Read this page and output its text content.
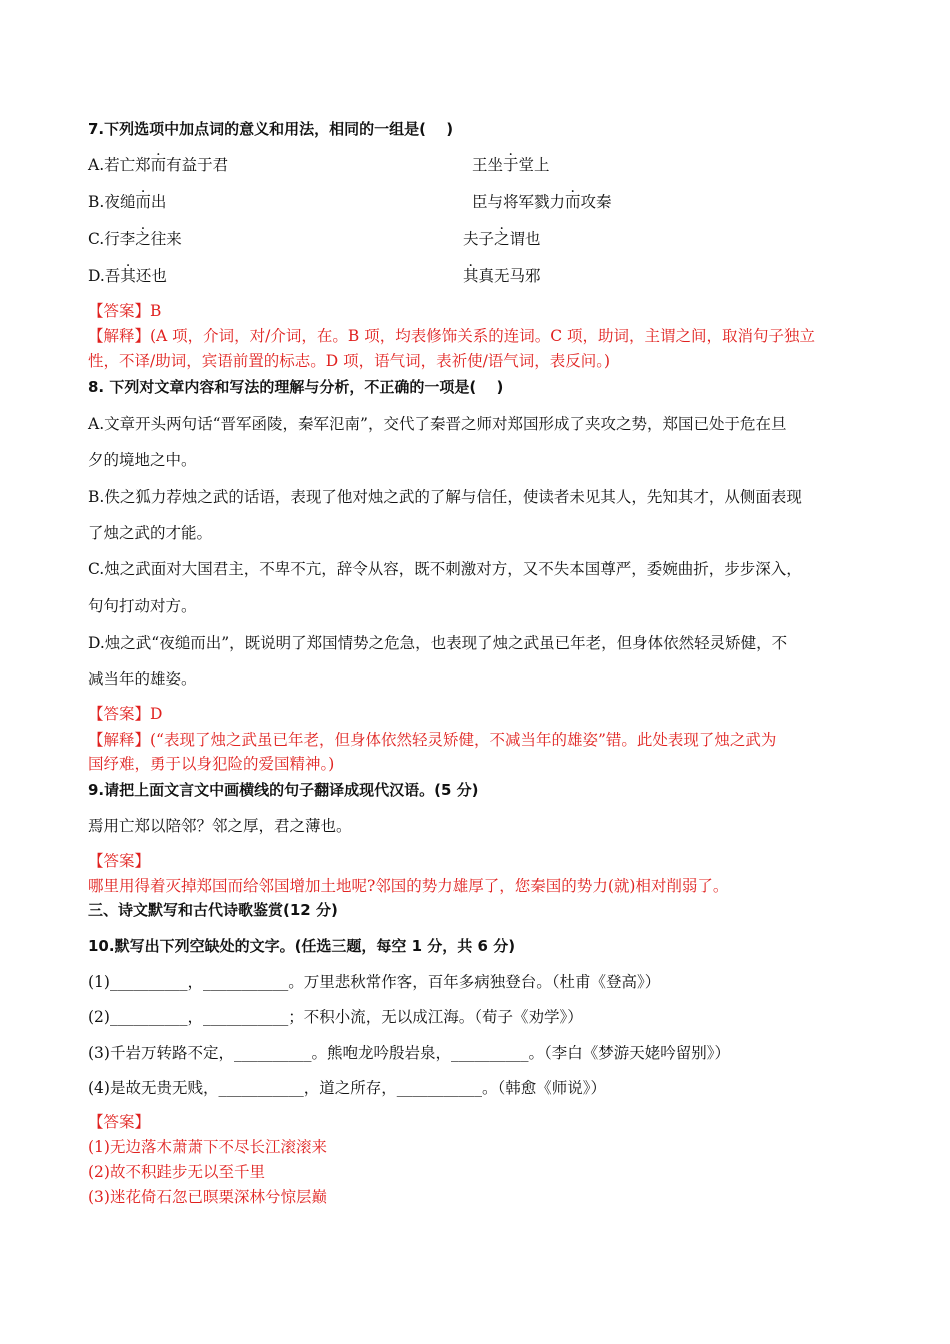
7.下列选项中加点词的意义和用法，相同的一组是(　 )
A.若亡郑而有益于君	王坐于堂上
B.夜缒而出	臣与将军戮力而攻秦
C.行李之往来	夫子之谓也
D.吾其还也	其真无马邪
【答案】B
【解释】(A 项，介词，对/介词，在。B 项，均表修饰关系的连词。C 项，助词，主谓之间，取消句子独立
性，不译/助词，宾语前置的标志。D 项，语气词，表祈使/语气词，表反问。)
8. 下列对文章内容和写法的理解与分析，不正确的一项是(　 )
A.文章开头两句话“晋军函陵，秦军氾南”，交代了秦晋之师对郑国形成了夹攻之势，郑国已处于危在旦
夕的境地之中。
B.佚之狐力荐烛之武的话语，表现了他对烛之武的了解与信任，使读者未见其人，先知其才，从侧面表现
了烛之武的才能。
C.烛之武面对大国君主，不卑不亢，辞令从容，既不刺激对方，又不失本国尊严，委婉曲折，步步深入，
句句打动对方。
D.烛之武“夜缒而出”，既说明了郑国情势之危急，也表现了烛之武虽已年老，但身体依然轻灵矫健，不
减当年的雄姿。
【答案】D
【解释】(“表现了烛之武虽已年老，但身体依然轻灵矫健，不减当年的雄姿”错。此处表现了烛之武为
国纾难，勇于以身犯险的爱国精神。)
9.请把上面文言文中画横线的句子翻译成现代汉语。(5 分)
焉用亡郑以陪邻？邻之厚，君之薄也。
【答案】
哪里用得着灭掉郑国而给邻国增加土地呢?邻国的势力雄厚了，您秦国的势力(就)相对削弱了。
三、诗文默写和古代诗歌鉴赏(12 分)
10.默写出下列空缺处的文字。(任选三题，每空 1 分，共 6 分)
(1)__________，___________。万里悲秋常作客，百年多病独登台。（杜甫《登高》）
(2)__________，___________；不积小流，无以成江海。（荀子《劝学》）
(3)千岩万转路不定，__________。熊咆龙吟殷岩泉，__________。（李白《梦游天姥吟留别》）
(4)是故无贵无贱，___________，道之所存，___________。（韩愈《师说》）
【答案】
(1)无边落木萧萧下不尽长江滚滚来
(2)故不积跬步无以至千里
(3)迷花倚石忽已暝栗深林兮惊层巅
